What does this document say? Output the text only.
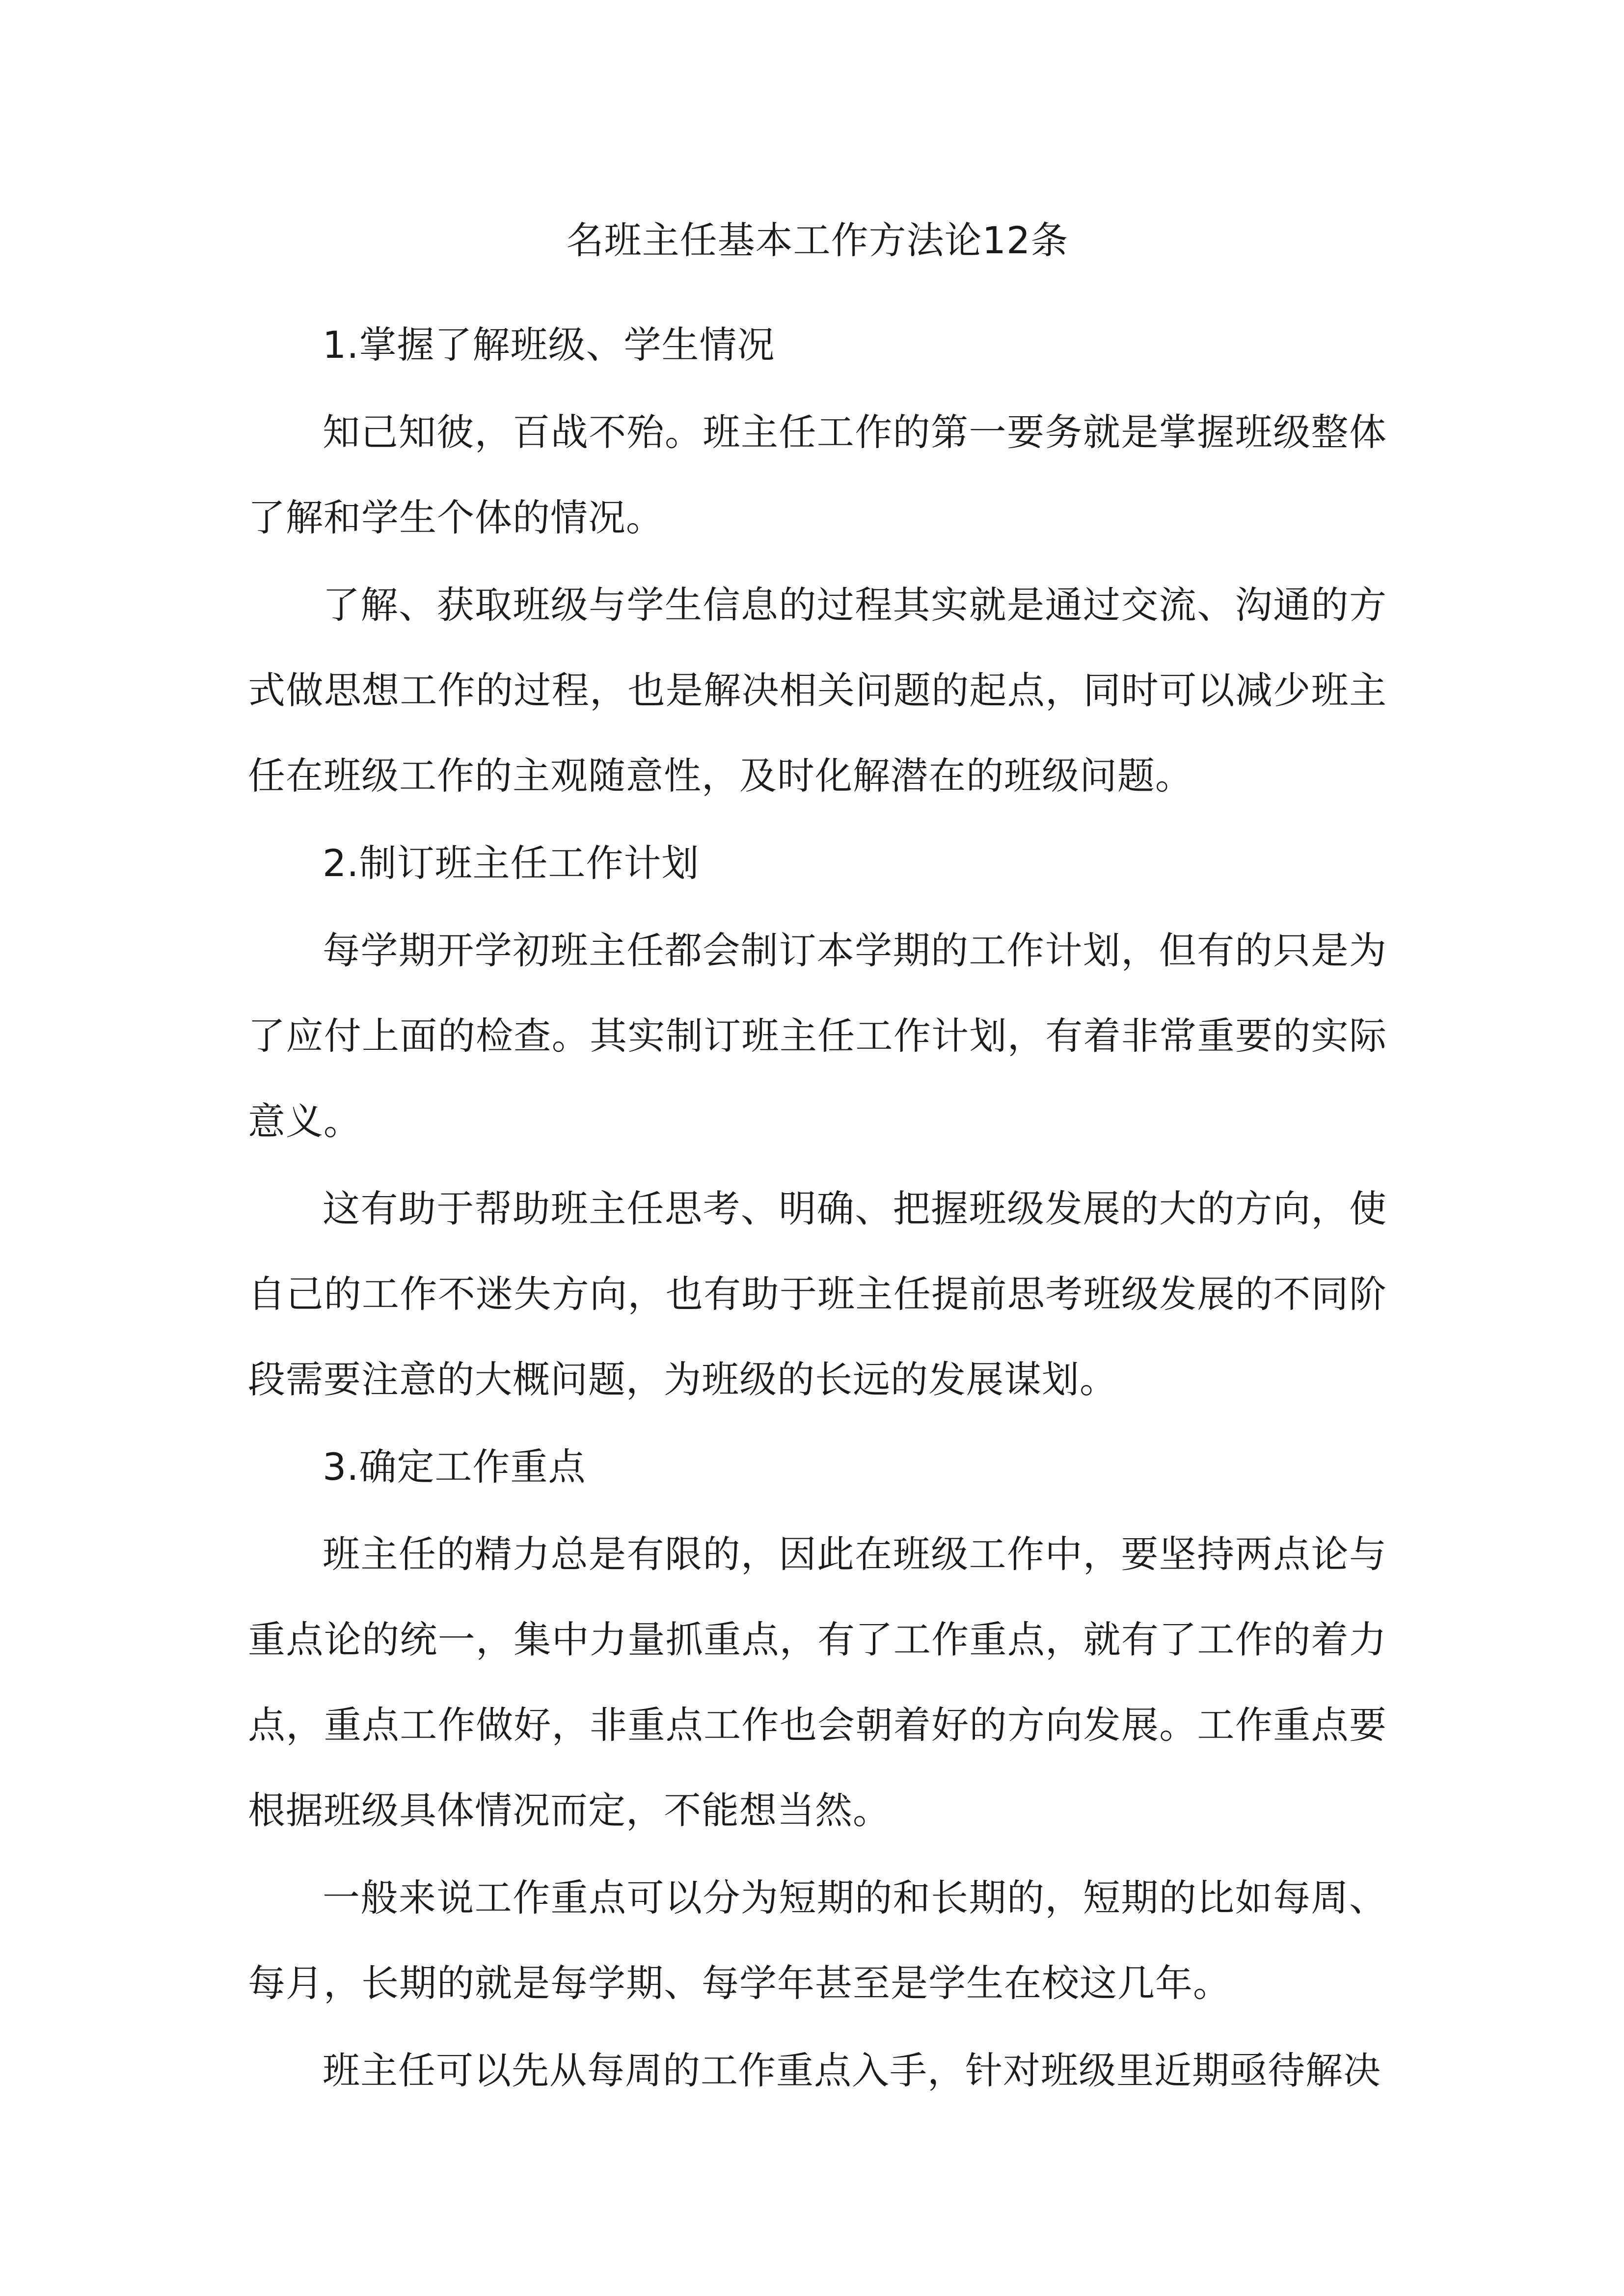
名班主任基本工作方法论12条

1.掌握了解班级、学生情况

知己知彼，百战不殆。班主任工作的第一要务就是掌握班级整体了解和学生个体的情况。

了解、获取班级与学生信息的过程其实就是通过交流、沟通的方式做思想工作的过程，也是解决相关问题的起点，同时可以减少班主任在班级工作的主观随意性，及时化解潜在的班级问题。

2.制订班主任工作计划

每学期开学初班主任都会制订本学期的工作计划，但有的只是为了应付上面的检查。其实制订班主任工作计划，有着非常重要的实际意义。

这有助于帮助班主任思考、明确、把握班级发展的大的方向，使自己的工作不迷失方向，也有助于班主任提前思考班级发展的不同阶段需要注意的大概问题，为班级的长远的发展谋划。

3.确定工作重点

班主任的精力总是有限的，因此在班级工作中，要坚持两点论与重点论的统一，集中力量抓重点，有了工作重点，就有了工作的着力点，重点工作做好，非重点工作也会朝着好的方向发展。工作重点要根据班级具体情况而定，不能想当然。

一般来说工作重点可以分为短期的和长期的，短期的比如每周、每月，长期的就是每学期、每学年甚至是学生在校这几年。

班主任可以先从每周的工作重点入手，针对班级里近期亟待解决
